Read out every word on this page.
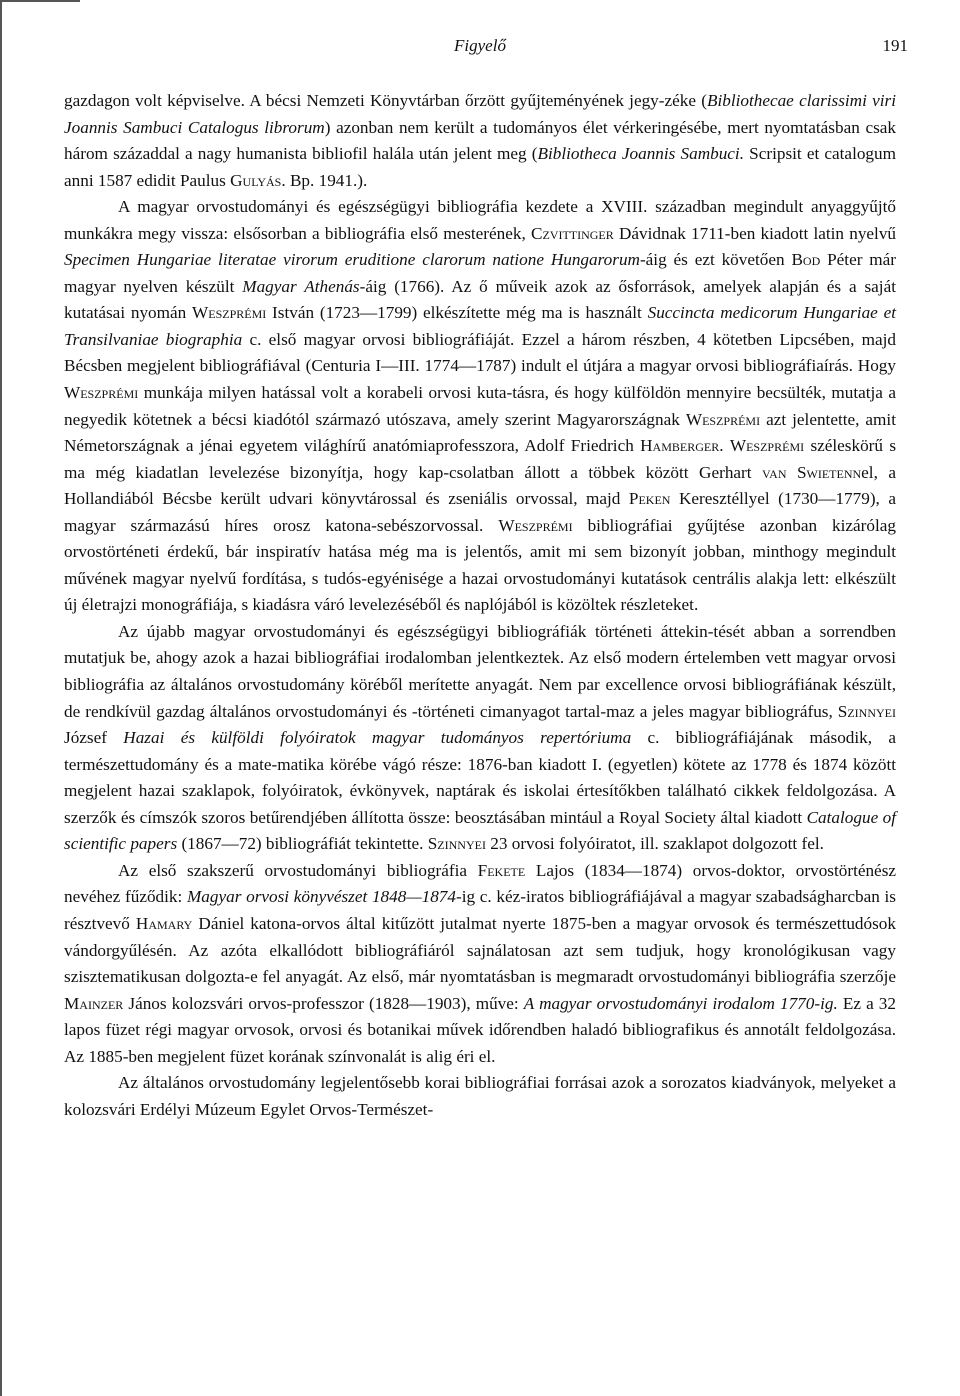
Figyelő	191

gazdagon volt képviselve. A bécsi Nemzeti Könyvtárban őrzött gyűjteményének jegy-zéke (Bibliothecae clarissimi viri Joannis Sambuci Catalogus librorum) azonban nem került a tudományos élet vérkeringésébe, mert nyomtatásban csak három századdal a nagy humanista bibliofil halála után jelent meg (Bibliotheca Joannis Sambuci. Scripsit et catalogum anni 1587 edidit Paulus Gulyás. Bp. 1941.).

A magyar orvostudományi és egészségügyi bibliográfia kezdete a XVIII. században megindult anyaggyűjtő munkákra megy vissza: elsősorban a bibliográfia első mesterének, Czvittinger Dávidnak 1711-ben kiadott latin nyelvű Specimen Hungariae literatae virorum eruditione clarorum natione Hungarorum-áig és ezt követően Bod Péter már magyar nyelven készült Magyar Athenás-áig (1766). Az ő műveik azok az ősforrások, amelyek alapján és a saját kutatásai nyomán Weszprémi István (1723—1799) elkészítette még ma is használt Succincta medicorum Hungariae et Transilvaniae biographia c. első magyar orvosi bibliográfiáját. Ezzel a három részben, 4 kötetben Lipcsében, majd Bécsben megjelent bibliográfiával (Centuria I—III. 1774—1787) indult el útjára a magyar orvosi bibliográfiaírás. Hogy Weszprémi munkája milyen hatással volt a korabeli orvosi kuta-tásra, és hogy külföldön mennyire becsülték, mutatja a negyedik kötetnek a bécsi kiadótól származó utószava, amely szerint Magyarországnak Weszprémi azt jelentette, amit Németországnak a jénai egyetem világhírű anatómiaprofesszora, Adolf Friedrich Hamberger. Weszprémi széleskörű s ma még kiadatlan levelezése bizonyítja, hogy kap-csolatban állott a többek között Gerhart van Swietennel, a Hollandiából Bécsbe került udvari könyvtárossal és zseniális orvossal, majd Peken Keresztéllyel (1730—1779), a magyar származású híres orosz katona-sebészorvossal. Weszprémi bibliográfiai gyűjtése azonban kizárólag orvostörténeti érdekű, bár inspiratív hatása még ma is jelentős, amit mi sem bizonyít jobban, minthogy megindult művének magyar nyelvű fordítása, s tudós-egyénisége a hazai orvostudományi kutatások centrális alakja lett: elkészült új életrajzi monográfiája, s kiadásra váró levelezéséből és naplójából is közöltek részleteket.

Az újabb magyar orvostudományi és egészségügyi bibliográfiák történeti áttekin-tését abban a sorrendben mutatjuk be, ahogy azok a hazai bibliográfiai irodalomban jelentkeztek. Az első modern értelemben vett magyar orvosi bibliográfia az általános orvostudomány köréből merítette anyagát. Nem par excellence orvosi bibliográfiának készült, de rendkívül gazdag általános orvostudományi és -történeti cimanyagot tartal-maz a jeles magyar bibliográfus, Szinnyei József Hazai és külföldi folyóiratok magyar tudományos repertóriuma c. bibliográfiájának második, a természettudomány és a mate-matika körébe vágó része: 1876-ban kiadott I. (egyetlen) kötete az 1778 és 1874 között megjelent hazai szaklapok, folyóiratok, évkönyvek, naptárak és iskolai értesítőkben található cikkek feldolgozása. A szerzők és címszók szoros betűrendjében állította össze: beosztásában mintául a Royal Society által kiadott Catalogue of scientific papers (1867—72) bibliográfiát tekintette. Szinnyei 23 orvosi folyóiratot, ill. szaklapot dolgozott fel.

Az első szakszerű orvostudományi bibliográfia Fekete Lajos (1834—1874) orvos-doktor, orvostörténész nevéhez fűződik: Magyar orvosi könyvészet 1848—1874-ig c. kéz-iratos bibliográfiájával a magyar szabadságharcban is résztvevő Hamary Dániel katona-orvos által kitűzött jutalmat nyerte 1875-ben a magyar orvosok és természettudósok vándorgyűlésén. Az azóta elkallódott bibliográfiáról sajnálatosan azt sem tudjuk, hogy kronológikusan vagy szisztematikusan dolgozta-e fel anyagát. Az első, már nyomtatásban is megmaradt orvostudományi bibliográfia szerzője Mainzer János kolozsvári orvos-professzor (1828—1903), műve: A magyar orvostudományi irodalom 1770-ig. Ez a 32 lapos füzet régi magyar orvosok, orvosi és botanikai művek időrendben haladó bibliografikus és annotált feldolgozása. Az 1885-ben megjelent füzet korának színvonalát is alig éri el.

Az általános orvostudomány legjelentősebb korai bibliográfiai forrásai azok a sorozatos kiadványok, melyeket a kolozsvári Erdélyi Múzeum Egylet Orvos-Természet-
